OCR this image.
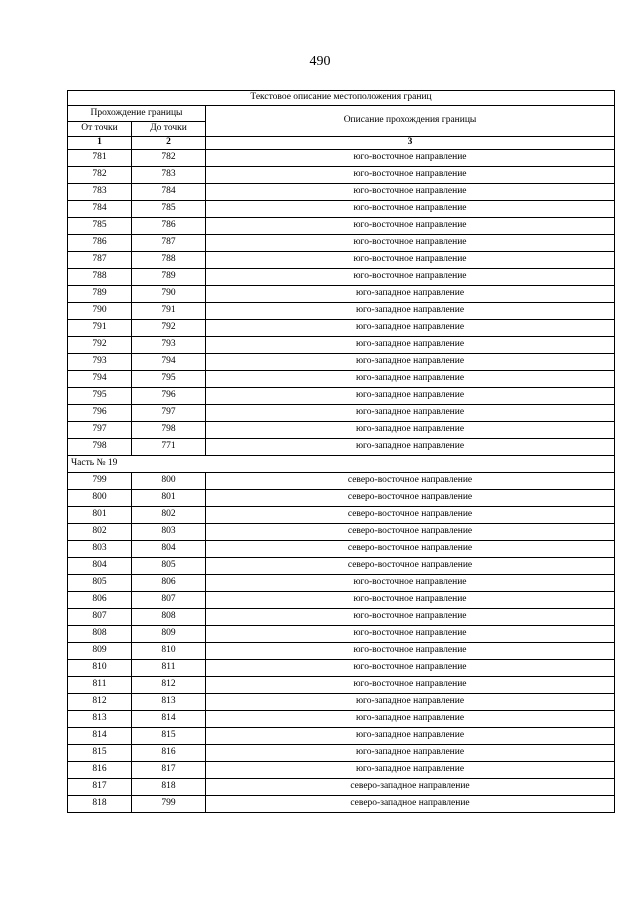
490
Текстовое описание местоположения границ		
Прохождение границы		Описание прохождения границы
От точки	До точки	
1	2	3
781	782	юго-восточное направление
782	783	юго-восточное направление
783	784	юго-восточное направление
784	785	юго-восточное направление
785	786	юго-восточное направление
786	787	юго-восточное направление
787	788	юго-восточное направление
788	789	юго-восточное направление
789	790	юго-западное направление
790	791	юго-западное направление
791	792	юго-западное направление
792	793	юго-западное направление
793	794	юго-западное направление
794	795	юго-западное направление
795	796	юго-западное направление
796	797	юго-западное направление
797	798	юго-западное направление
798	771	юго-западное направление
Часть № 19		
799	800	северо-восточное направление
800	801	северо-восточное направление
801	802	северо-восточное направление
802	803	северо-восточное направление
803	804	северо-восточное направление
804	805	северо-восточное направление
805	806	юго-восточное направление
806	807	юго-восточное направление
807	808	юго-восточное направление
808	809	юго-восточное направление
809	810	юго-восточное направление
810	811	юго-восточное направление
811	812	юго-восточное направление
812	813	юго-западное направление
813	814	юго-западное направление
814	815	юго-западное направление
815	816	юго-западное направление
816	817	юго-западное направление
817	818	северо-западное направление
818	799	северо-западное направление
